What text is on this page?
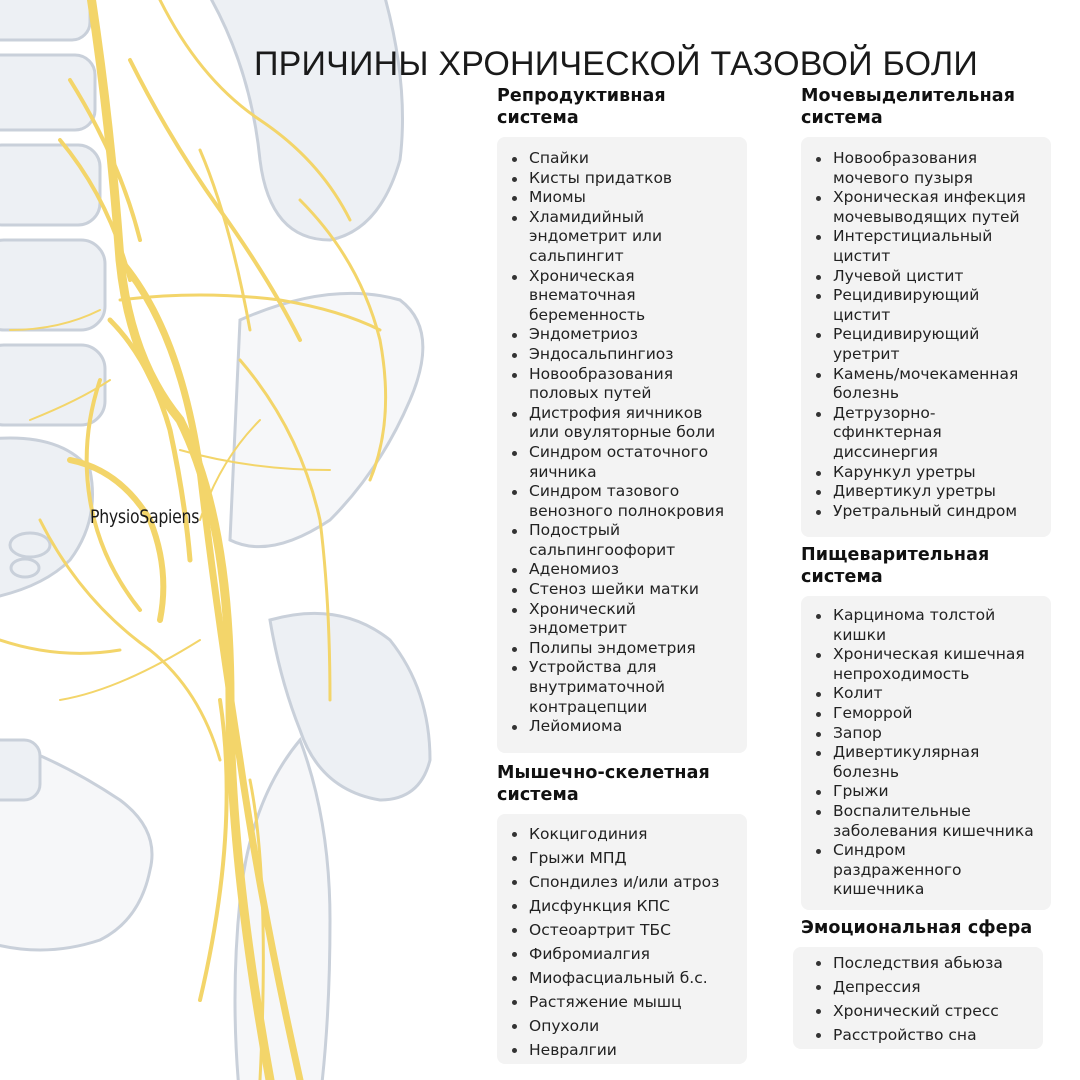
PhysioSapiens
ПРИЧИНЫ ХРОНИЧЕСКОЙ ТАЗОВОЙ БОЛИ
Репродуктивная система
Спайки
Кисты придатков
Миомы
Хламидийный эндометрит или сальпингит
Хроническая внематочная беременность
Эндометриоз
Эндосальпингиоз
Новообразования половых путей
Дистрофия яичников или овуляторные боли
Синдром остаточного яичника
Синдром тазового венозного полнокровия
Подострый сальпингоофорит
Аденомиоз
Стеноз шейки матки
Хронический эндометрит
Полипы эндометрия
Устройства для внутриматочной контрацепции
Лейомиома
Мышечно-скелетная система
Кокцигодиния
Грыжи МПД
Спондилез и/или атроз
Дисфункция КПС
Остеоартрит ТБС
Фибромиалгия
Миофасциальный б.с.
Растяжение мышц
Опухоли
Невралгии
Мочевыделительная система
Новообразования мочевого пузыря
Хроническая инфекция мочевыводящих путей
Интерстициальный цистит
Лучевой цистит
Рецидивирующий цистит
Рецидивирующий уретрит
Камень/мочекаменная болезнь
Детрузорно-сфинктерная диссинергия
Карункул уретры
Дивертикул уретры
Уретральный синдром
Пищеварительная система
Карцинома толстой кишки
Хроническая кишечная непроходимость
Колит
Геморрой
Запор
Дивертикулярная болезнь
Грыжи
Воспалительные заболевания кишечника
Синдром раздраженного кишечника
Эмоциональная сфера
Последствия абьюза
Депрессия
Хронический стресс
Расстройство сна
